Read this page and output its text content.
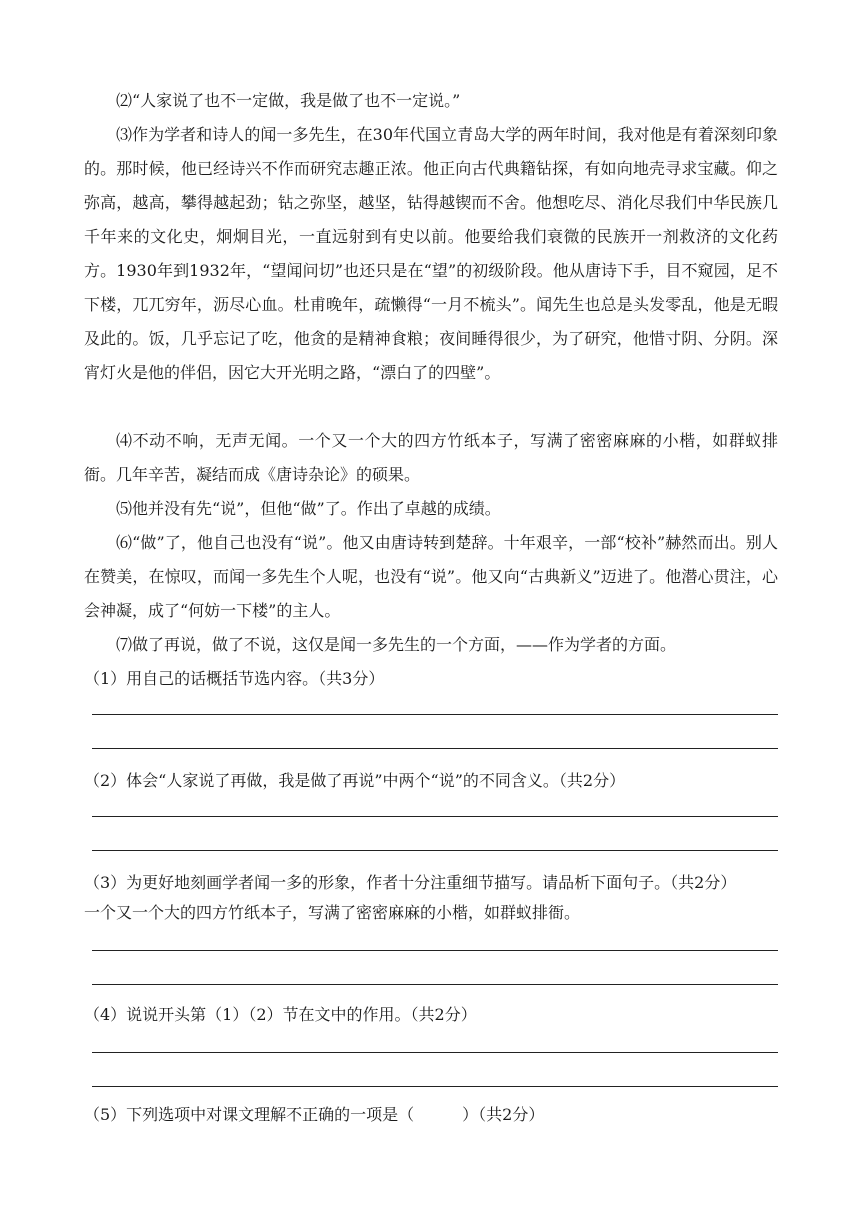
⑵“人家说了也不一定做，我是做了也不一定说。”

⑶作为学者和诗人的闻一多先生，在30年代国立青岛大学的两年时间，我对他是有着深刻印象的。那时候，他已经诗兴不作而研究志趣正浓。他正向古代典籍钻探，有如向地壳寻求宝藏。仰之弥高，越高，攀得越起劲；钻之弥坚，越坚，钻得越锲而不舍。他想吃尽、消化尽我们中华民族几千年来的文化史，炯炯目光，一直远射到有史以前。他要给我们衰微的民族开一剂救济的文化药方。1930年到1932年，“望闻问切”也还只是在“望”的初级阶段。他从唐诗下手，目不窥园，足不下楼，兀兀穷年，沥尽心血。杜甫晚年，疏懒得“一月不梳头”。闻先生也总是头发零乱，他是无暇及此的。饭，几乎忘记了吃，他贪的是精神食粮；夜间睡得很少，为了研究，他惜寸阴、分阴。深宵灯火是他的伴侣，因它大开光明之路，“漂白了的四壁”。

⑷不动不响，无声无闻。一个又一个大的四方竹纸本子，写满了密密麻麻的小楷，如群蚁排衙。几年辛苦，凝结而成《唐诗杂论》的硕果。

⑸他并没有先“说”，但他“做”了。作出了卓越的成绩。

⑹“做”了，他自己也没有“说”。他又由唐诗转到楚辞。十年艰辛，一部“校补”赫然而出。别人在赞美，在惊叹，而闻一多先生个人呢，也没有“说”。他又向“古典新义”迈进了。他潜心贯注，心会神凝，成了“何妨一下楼”的主人。

⑺做了再说，做了不说，这仅是闻一多先生的一个方面，——作为学者的方面。

（1）用自己的话概括节选内容。（共3分）

（2）体会“人家说了再做，我是做了再说”中两个“说”的不同含义。（共2分）

（3）为更好地刻画学者闻一多的形象，作者十分注重细节描写。请品析下面句子。（共2分）

一个又一个大的四方竹纸本子，写满了密密麻麻的小楷，如群蚁排衙。

（4）说说开头第（1）（2）节在文中的作用。（共2分）

（5）下列选项中对课文理解不正确的一项是（　　　）（共2分）
